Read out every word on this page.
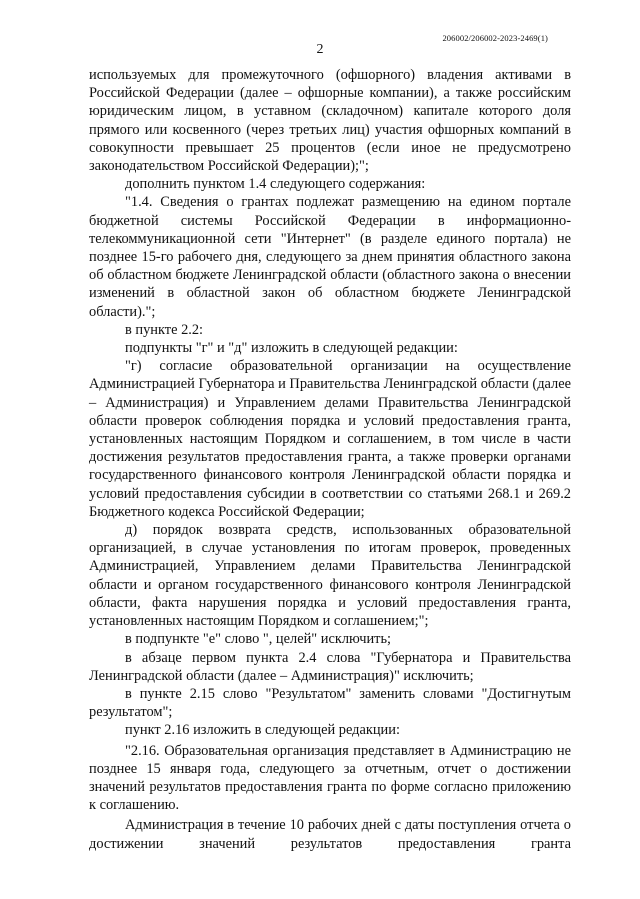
206002/206002-2023-2469(1)
2

используемых для промежуточного (офшорного) владения активами в Российской Федерации (далее – офшорные компании), а также российским юридическим лицом, в уставном (складочном) капитале которого доля прямого или косвенного (через третьих лиц) участия офшорных компаний в совокупности превышает 25 процентов (если иное не предусмотрено законодательством Российской Федерации);";

дополнить пунктом 1.4 следующего содержания:

"1.4. Сведения о грантах подлежат размещению на едином портале бюджетной системы Российской Федерации в информационно-телекоммуникационной сети "Интернет" (в разделе единого портала) не позднее 15-го рабочего дня, следующего за днем принятия областного закона об областном бюджете Ленинградской области (областного закона о внесении изменений в областной закон об областном бюджете Ленинградской области).";

в пункте 2.2:

подпункты "г" и "д" изложить в следующей редакции:

"г) согласие образовательной организации на осуществление Администрацией Губернатора и Правительства Ленинградской области (далее – Администрация) и Управлением делами Правительства Ленинградской области проверок соблюдения порядка и условий предоставления гранта, установленных настоящим Порядком и соглашением, в том числе в части достижения результатов предоставления гранта, а также проверки органами государственного финансового контроля Ленинградской области порядка и условий предоставления субсидии в соответствии со статьями 268.1 и 269.2 Бюджетного кодекса Российской Федерации;

д) порядок возврата средств, использованных образовательной организацией, в случае установления по итогам проверок, проведенных Администрацией, Управлением делами Правительства Ленинградской области и органом государственного финансового контроля Ленинградской области, факта нарушения порядка и условий предоставления гранта, установленных настоящим Порядком и соглашением;";

в подпункте "е" слово ", целей" исключить;

в абзаце первом пункта 2.4 слова "Губернатора и Правительства Ленинградской области (далее – Администрация)" исключить;

в пункте 2.15 слово "Результатом" заменить словами "Достигнутым результатом";

пункт 2.16 изложить в следующей редакции:

"2.16. Образовательная организация представляет в Администрацию не позднее 15 января года, следующего за отчетным, отчет о достижении значений результатов предоставления гранта по форме согласно приложению к соглашению.

Администрация в течение 10 рабочих дней с даты поступления отчета о достижении значений результатов предоставления гранта
